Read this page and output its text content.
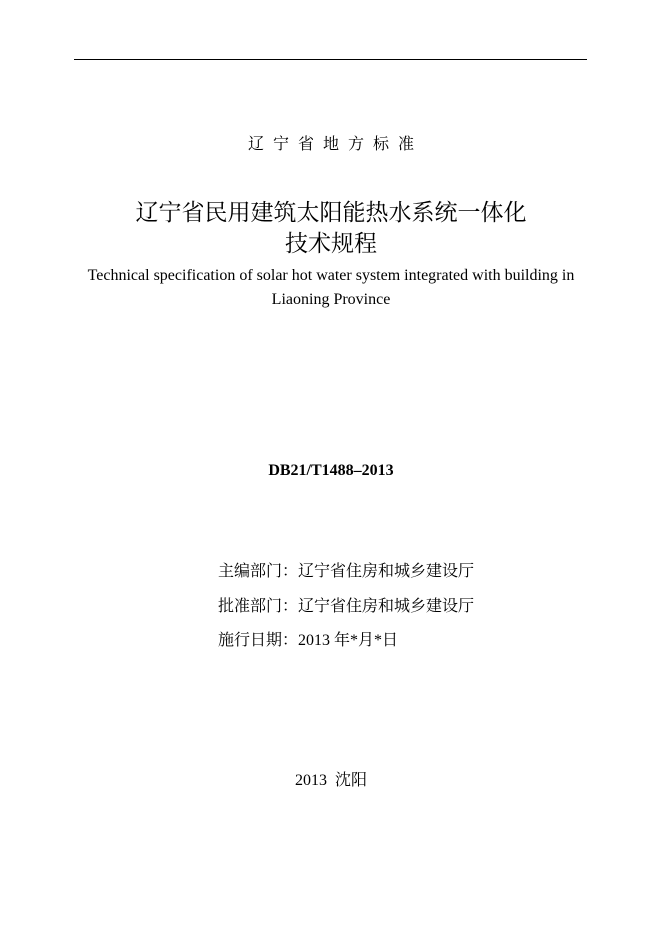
辽宁省地方标准
辽宁省民用建筑太阳能热水系统一体化
技术规程
Technical specification of solar hot water system integrated with building in
Liaoning Province
DB21/T1488–2013
主编部门：辽宁省住房和城乡建设厅
批准部门：辽宁省住房和城乡建设厅
施行日期：2013 年*月*日
2013 沈阳
